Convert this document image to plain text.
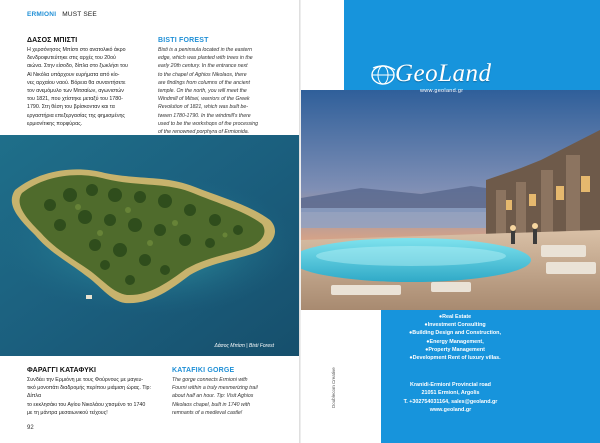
ERMIONI MUST SEE
ΔΑΣΟΣ ΜΠΙΣΤΙ
Η χερσόνησος Μπίστι στο ανατολικό άκρο
δενδροφυτεύτηκε στις αρχές του 20ού
αιώνα. Στην είσοδο, δίπλα στο ξωκλήσι του
Αϊ Νικόλα υπάρχουν ευρήματα από κίο-
νες αρχαίου ναού. Βόρεια θα συναντήσετε
τον ανεμόμυλο των Μιτσαίων, αγωνιστών
του 1821, που χτίστηκε μεταξύ του 1780-
1790. Στη θέση του βρίσκονταν και τα
εργαστήρια επεξεργασίας της φημισμένης
ερμιονίτικης πορφύρας.
BISTI FOREST
Bisti is a peninsula located in the eastern
edge, which was planted with trees in the
early 20th century. In the entrance next
to the chapel of Aghios Nikolaos, there
are findings from columns of the ancient
temple. On the north, you will meet the
Windmill of Mitsei, warriors of the Greek
Revolution of 1821, which was built be-
tween 1780-1790. In the windmill's there
used to be the workshops of the processing
of the renowned porphyra of Ermionida.
Δάσος Μπίστι | Bisti Forest
ΦΑΡΑΓΓΙ ΚΑΤΑΦΥΚΙ
Συνδέει την Ερμιόνη με τους Φούρνους με μαγευ-
τικό μονοπάτι διαδρομής περίπου μιάμιση ώρας. Tip: Δίπλα
το εκκλησάκι του Αγίου Νικολάου χτισμένο το 1740
με τη μάντρα μεσαιωνικού τείχους!
KATAFIKI GORGE
The gorge connects Ermioni with
Fourni within a truly mesmerizing trail
about half an hour. Tip: Visit Aghios
Nikolaos chapel, built in 1740 with
remnants of a medieval castle!
92
GeoLand
www.geoland.gr
●Real Estate
●Investment Consulting
●Building Design and Construction,
●Energy Management,
●Property Management
●Development Rent of luxury villas.
Kranidi-Ermioni Provincial road
21051 Ermioni, Argolis
T. +302754031164, sales@geoland.gr
www.geoland.gr
Doublecom Creative
